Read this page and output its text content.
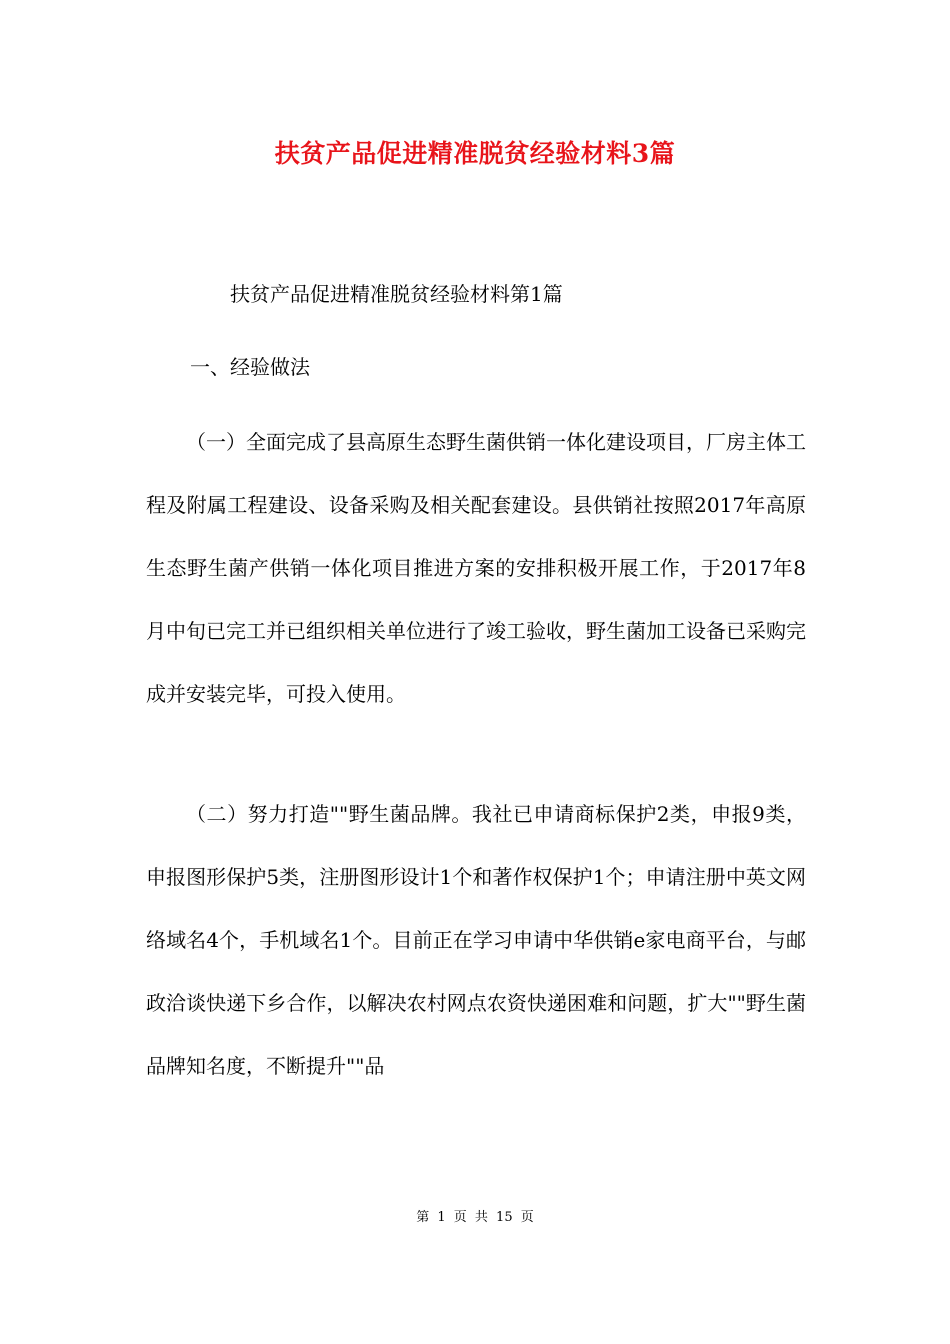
扶贫产品促进精准脱贫经验材料3篇

扶贫产品促进精准脱贫经验材料第1篇

一、经验做法

（一）全面完成了县高原生态野生菌供销一体化建设项目，厂房主体工程及附属工程建设、设备采购及相关配套建设。县供销社按照2017年高原生态野生菌产供销一体化项目推进方案的安排积极开展工作，于2017年8月中旬已完工并已组织相关单位进行了竣工验收，野生菌加工设备已采购完成并安装完毕，可投入使用。

（二）努力打造""野生菌品牌。我社已申请商标保护2类，申报9类，申报图形保护5类，注册图形设计1个和著作权保护1个；申请注册中英文网络域名4个，手机域名1个。目前正在学习申请中华供销e家电商平台，与邮政洽谈快递下乡合作，以解决农村网点农资快递困难和问题，扩大""野生菌品牌知名度，不断提升""品

第 1 页 共 15 页
